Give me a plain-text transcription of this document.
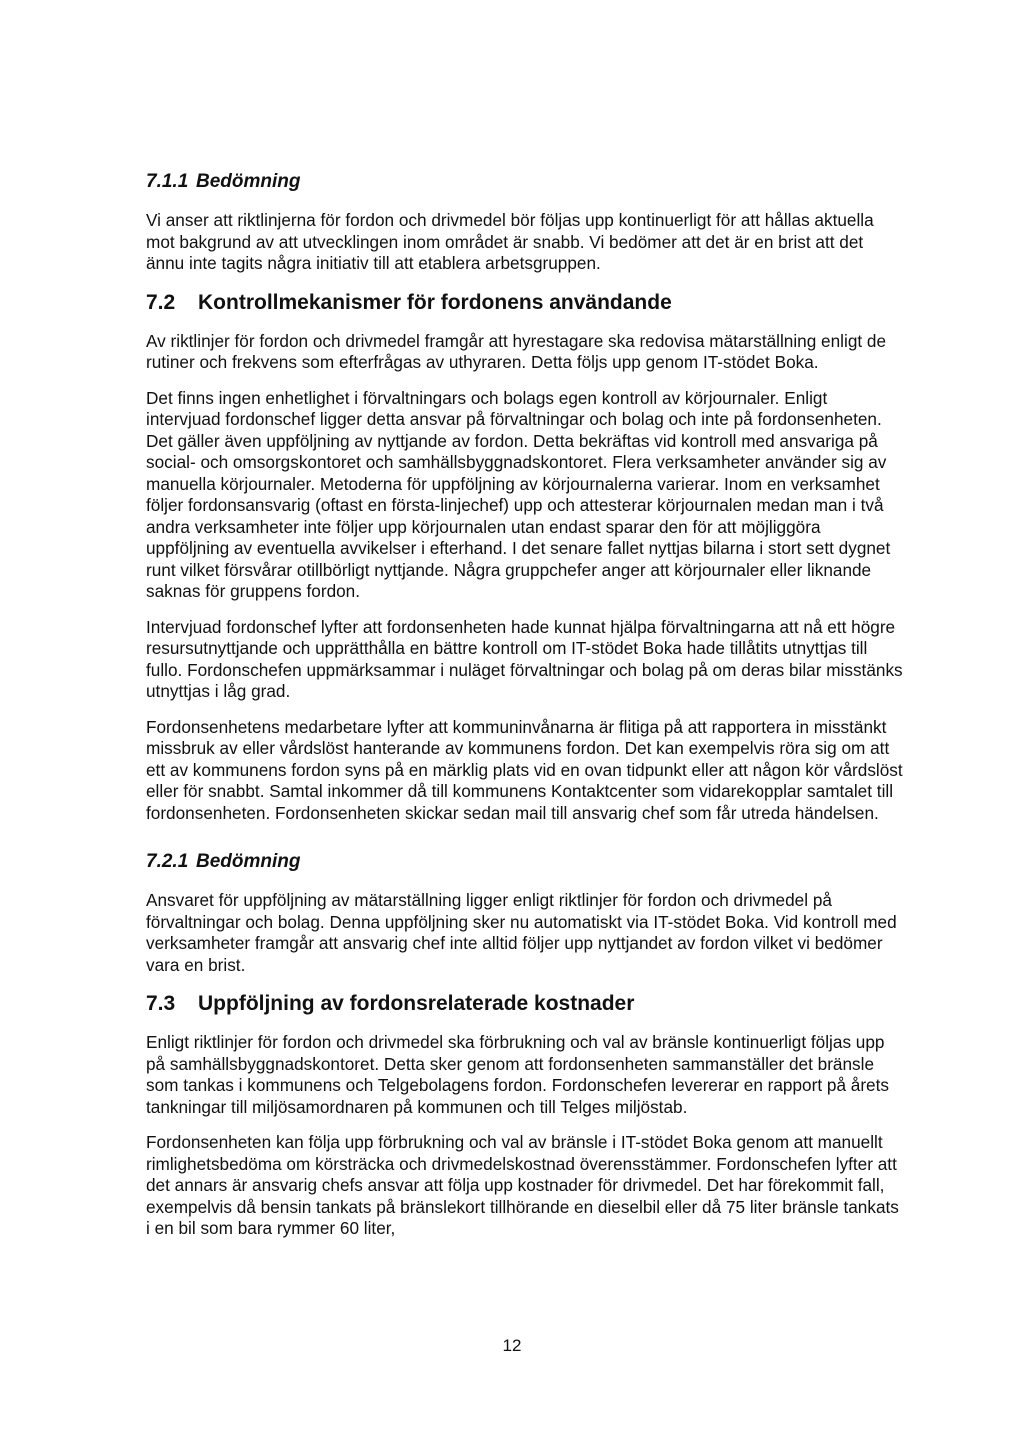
7.1.1 Bedömning

Vi anser att riktlinjerna för fordon och drivmedel bör följas upp kontinuerligt för att hållas aktuella mot bakgrund av att utvecklingen inom området är snabb. Vi bedömer att det är en brist att det ännu inte tagits några initiativ till att etablera arbetsgruppen.

7.2 Kontrollmekanismer för fordonens användande

Av riktlinjer för fordon och drivmedel framgår att hyrestagare ska redovisa mätarställning enligt de rutiner och frekvens som efterfrågas av uthyraren. Detta följs upp genom IT-stödet Boka.

Det finns ingen enhetlighet i förvaltningars och bolags egen kontroll av körjournaler. Enligt intervjuad fordonschef ligger detta ansvar på förvaltningar och bolag och inte på fordonsenheten. Det gäller även uppföljning av nyttjande av fordon. Detta bekräftas vid kontroll med ansvariga på social- och omsorgskontoret och samhällsbyggnadskontoret. Flera verksamheter använder sig av manuella körjournaler. Metoderna för uppföljning av körjournalerna varierar. Inom en verksamhet följer fordonsansvarig (oftast en första-linjechef) upp och attesterar körjournalen medan man i två andra verksamheter inte följer upp körjournalen utan endast sparar den för att möjliggöra uppföljning av eventuella avvikelser i efterhand. I det senare fallet nyttjas bilarna i stort sett dygnet runt vilket försvårar otillbörligt nyttjande. Några gruppchefer anger att körjournaler eller liknande saknas för gruppens fordon.

Intervjuad fordonschef lyfter att fordonsenheten hade kunnat hjälpa förvaltningarna att nå ett högre resursutnyttjande och upprätthålla en bättre kontroll om IT-stödet Boka hade tillåtits utnyttjas till fullo. Fordonschefen uppmärksammar i nuläget förvaltningar och bolag på om deras bilar misstänks utnyttjas i låg grad.

Fordonsenhetens medarbetare lyfter att kommuninvånarna är flitiga på att rapportera in misstänkt missbruk av eller vårdslöst hanterande av kommunens fordon. Det kan exempelvis röra sig om att ett av kommunens fordon syns på en märklig plats vid en ovan tidpunkt eller att någon kör vårdslöst eller för snabbt. Samtal inkommer då till kommunens Kontaktcenter som vidarekopplar samtalet till fordonsenheten. Fordonsenheten skickar sedan mail till ansvarig chef som får utreda händelsen.

7.2.1 Bedömning

Ansvaret för uppföljning av mätarställning ligger enligt riktlinjer för fordon och drivmedel på förvaltningar och bolag. Denna uppföljning sker nu automatiskt via IT-stödet Boka. Vid kontroll med verksamheter framgår att ansvarig chef inte alltid följer upp nyttjandet av fordon vilket vi bedömer vara en brist.

7.3 Uppföljning av fordonsrelaterade kostnader

Enligt riktlinjer för fordon och drivmedel ska förbrukning och val av bränsle kontinuerligt följas upp på samhällsbyggnadskontoret. Detta sker genom att fordonsenheten sammanställer det bränsle som tankas i kommunens och Telgebolagens fordon. Fordonschefen levererar en rapport på årets tankningar till miljösamordnaren på kommunen och till Telges miljöstab.

Fordonsenheten kan följa upp förbrukning och val av bränsle i IT-stödet Boka genom att manuellt rimlighetsbedöma om körsträcka och drivmedelskostnad överensstämmer. Fordonschefen lyfter att det annars är ansvarig chefs ansvar att följa upp kostnader för drivmedel. Det har förekommit fall, exempelvis då bensin tankats på bränslekort tillhörande en dieselbil eller då 75 liter bränsle tankats i en bil som bara rymmer 60 liter,

12
